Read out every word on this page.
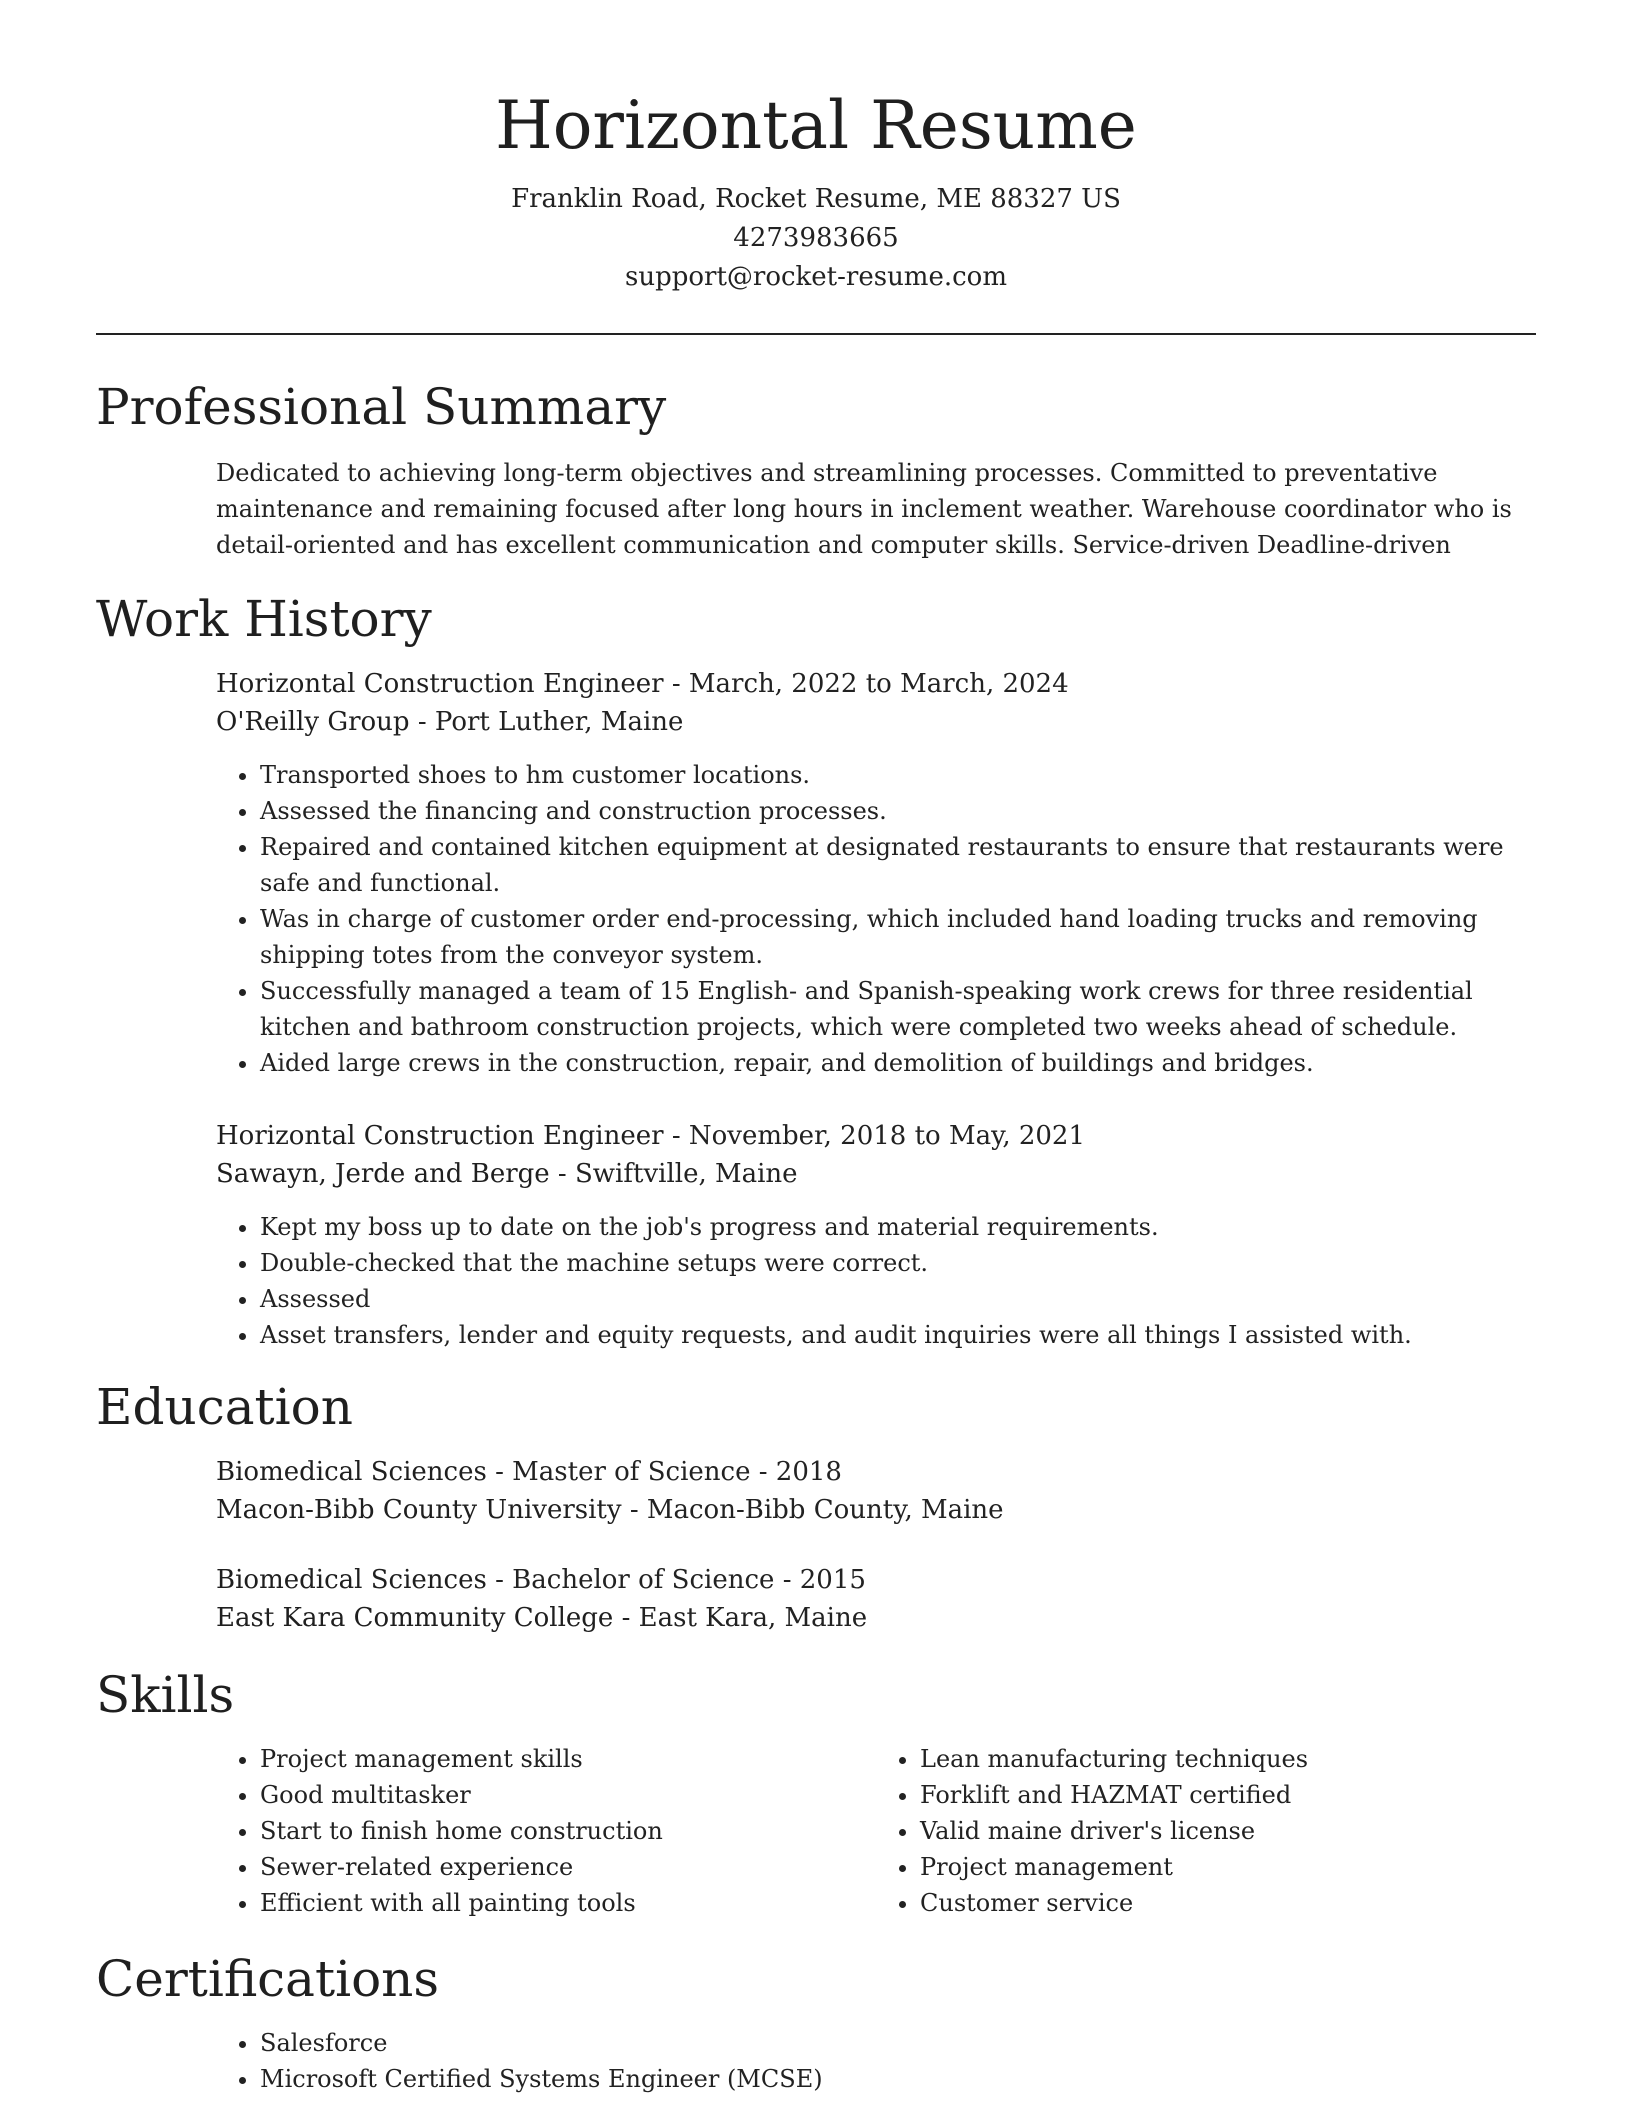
Horizontal Resume
Franklin Road, Rocket Resume, ME 88327 US
4273983665
support@rocket-resume.com
Professional Summary

Dedicated to achieving long-term objectives and streamlining processes. Committed to preventative maintenance and remaining focused after long hours in inclement weather. Warehouse coordinator who is detail-oriented and has excellent communication and computer skills. Service-driven Deadline-driven

Work History
Horizontal Construction Engineer - March, 2022 to March, 2024
O'Reilly Group - Port Luther, Maine
• Transported shoes to hm customer locations.
• Assessed the financing and construction processes.
• Repaired and contained kitchen equipment at designated restaurants to ensure that restaurants were safe and functional.
• Was in charge of customer order end-processing, which included hand loading trucks and removing shipping totes from the conveyor system.
• Successfully managed a team of 15 English- and Spanish-speaking work crews for three residential kitchen and bathroom construction projects, which were completed two weeks ahead of schedule.
• Aided large crews in the construction, repair, and demolition of buildings and bridges.
Horizontal Construction Engineer - November, 2018 to May, 2021
Sawayn, Jerde and Berge - Swiftville, Maine
• Kept my boss up to date on the job's progress and material requirements.
• Double-checked that the machine setups were correct.
• Assessed
• Asset transfers, lender and equity requests, and audit inquiries were all things I assisted with.
Education
Biomedical Sciences - Master of Science - 2018
Macon-Bibb County University - Macon-Bibb County, Maine
Biomedical Sciences - Bachelor of Science - 2015
East Kara Community College - East Kara, Maine
Skills
• Project management skills
• Good multitasker
• Start to finish home construction
• Sewer-related experience
• Efficient with all painting tools
• Lean manufacturing techniques
• Forklift and HAZMAT certified
• Valid maine driver's license
• Project management
• Customer service
Certifications
• Salesforce
• Microsoft Certified Systems Engineer (MCSE)
